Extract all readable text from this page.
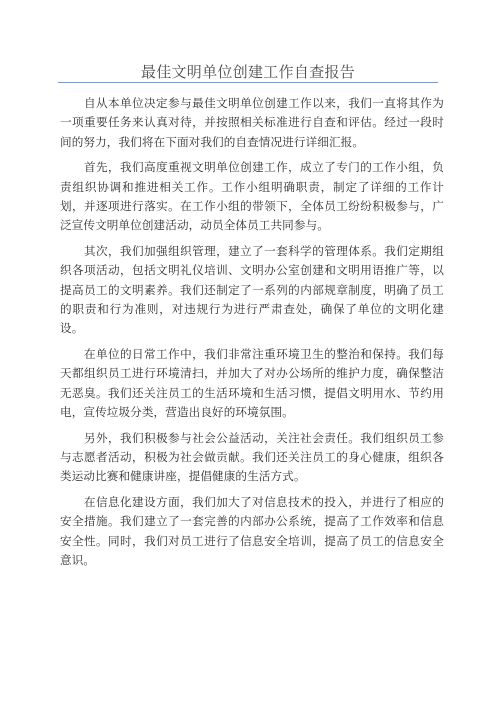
最佳文明单位创建工作自查报告

自从本单位决定参与最佳文明单位创建工作以来，我们一直将其作为一项重要任务来认真对待，并按照相关标准进行自查和评估。经过一段时间的努力，我们将在下面对我们的自查情况进行详细汇报。

首先，我们高度重视文明单位创建工作，成立了专门的工作小组，负责组织协调和推进相关工作。工作小组明确职责，制定了详细的工作计划，并逐项进行落实。在工作小组的带领下，全体员工纷纷积极参与，广泛宣传文明单位创建活动，动员全体员工共同参与。

其次，我们加强组织管理，建立了一套科学的管理体系。我们定期组织各项活动，包括文明礼仪培训、文明办公室创建和文明用语推广等，以提高员工的文明素养。我们还制定了一系列的内部规章制度，明确了员工的职责和行为准则，对违规行为进行严肃查处，确保了单位的文明化建设。

在单位的日常工作中，我们非常注重环境卫生的整治和保持。我们每天都组织员工进行环境清扫，并加大了对办公场所的维护力度，确保整洁无恶臭。我们还关注员工的生活环境和生活习惯，提倡文明用水、节约用电，宣传垃圾分类，营造出良好的环境氛围。

另外，我们积极参与社会公益活动，关注社会责任。我们组织员工参与志愿者活动，积极为社会做贡献。我们还关注员工的身心健康，组织各类运动比赛和健康讲座，提倡健康的生活方式。

在信息化建设方面，我们加大了对信息技术的投入，并进行了相应的安全措施。我们建立了一套完善的内部办公系统，提高了工作效率和信息安全性。同时，我们对员工进行了信息安全培训，提高了员工的信息安全意识。
